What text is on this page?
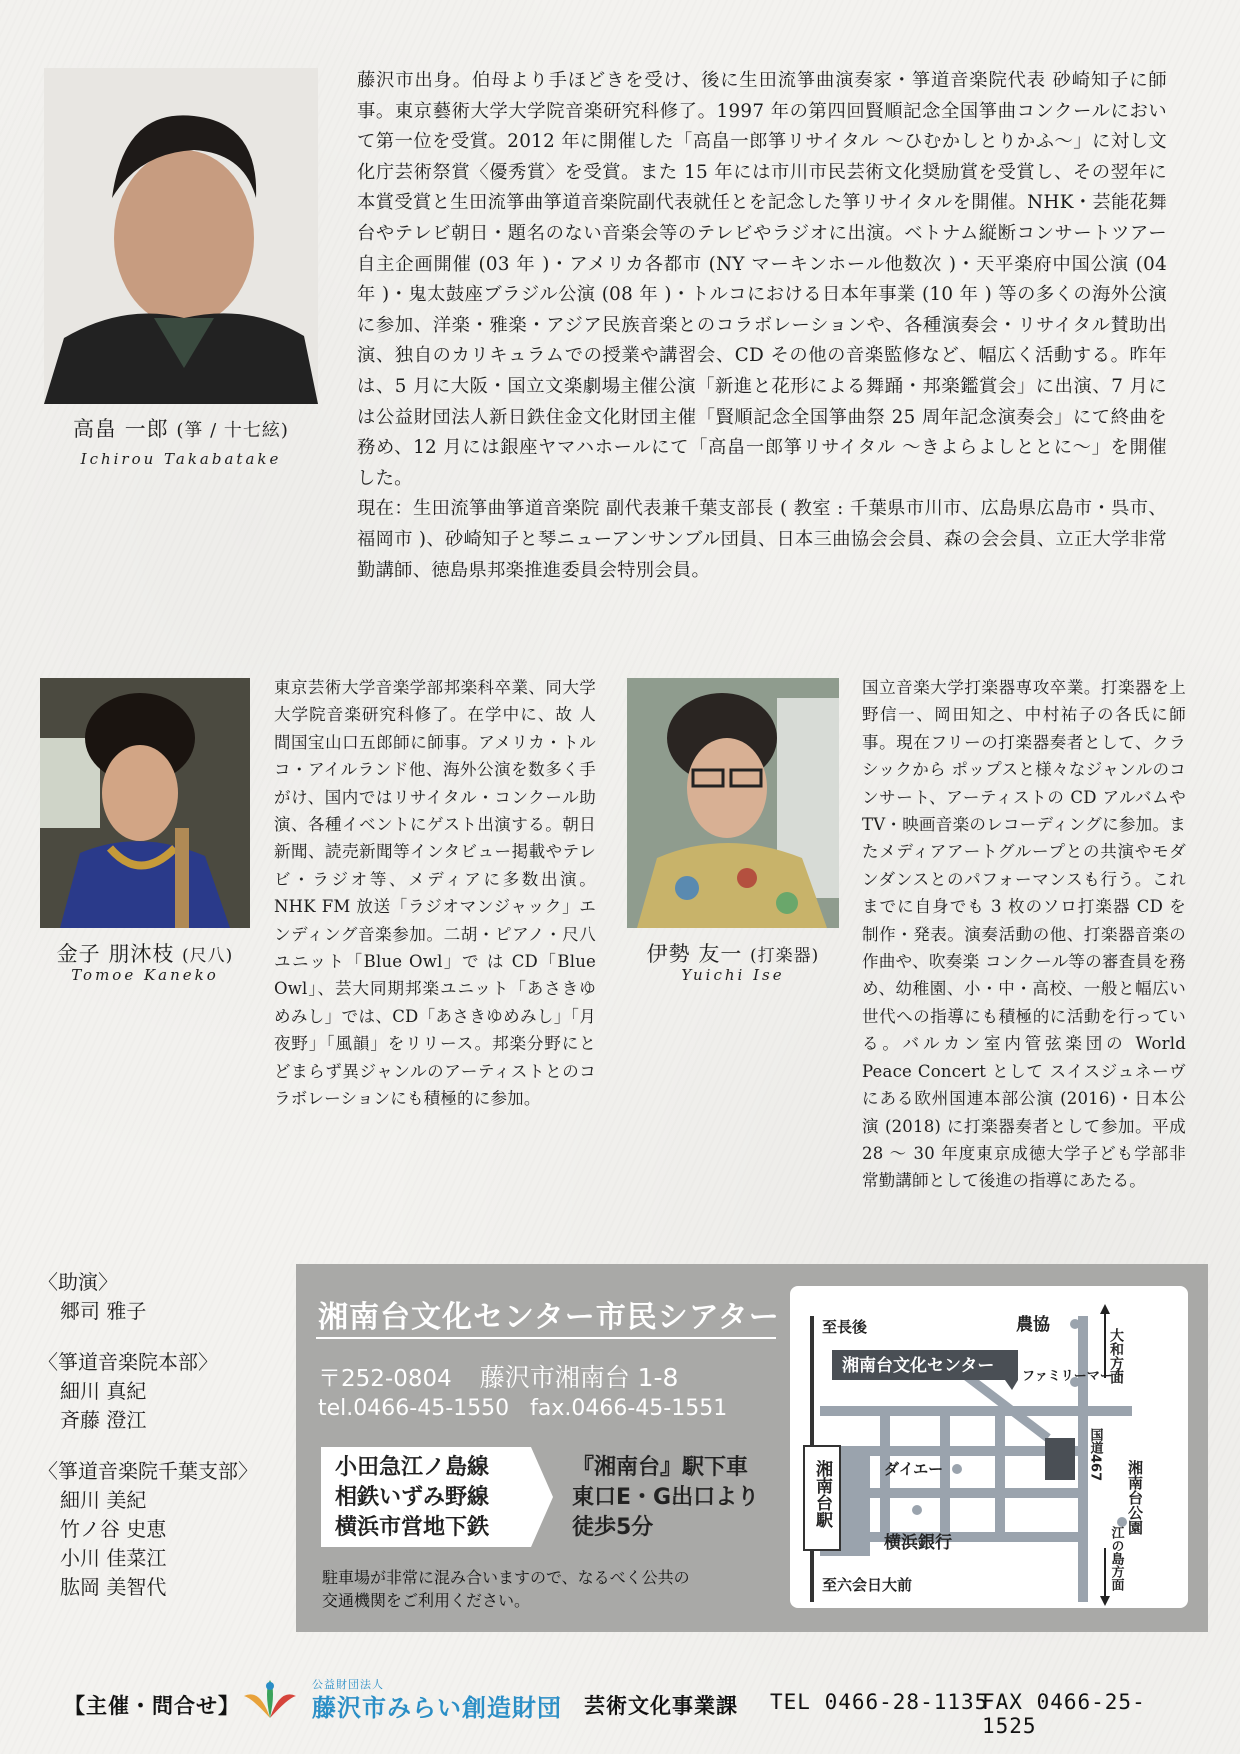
高畠 一郎 (箏 / 十七絃)
Ichirou Takabatake

藤沢市出身。伯母より手ほどきを受け、後に生田流箏曲演奏家・箏道音楽院代表 砂崎知子に師事。東京藝術大学大学院音楽研究科修了。1997 年の第四回賢順記念全国箏曲コンクールにおいて第一位を受賞。2012 年に開催した「高畠一郎箏リサイタル 〜ひむかしとりかふ〜」に対し文化庁芸術祭賞〈優秀賞〉を受賞。また 15 年には市川市民芸術文化奨励賞を受賞し、その翌年に本賞受賞と生田流箏曲箏道音楽院副代表就任とを記念した箏リサイタルを開催。NHK・芸能花舞台やテレビ朝日・題名のない音楽会等のテレビやラジオに出演。ベトナム縦断コンサートツアー自主企画開催 (03 年 )・アメリカ各都市 (NY マーキンホール他数次 )・天平楽府中国公演 (04 年 )・鬼太鼓座ブラジル公演 (08 年 )・トルコにおける日本年事業 (10 年 ) 等の多くの海外公演に参加、洋楽・雅楽・アジア民族音楽とのコラボレーションや、各種演奏会・リサイタル賛助出演、独自のカリキュラムでの授業や講習会、CD その他の音楽監修など、幅広く活動する。昨年は、5 月に大阪・国立文楽劇場主催公演「新進と花形による舞踊・邦楽鑑賞会」に出演、7 月には公益財団法人新日鉄住金文化財団主催「賢順記念全国箏曲祭 25 周年記念演奏会」にて終曲を務め、12 月には銀座ヤマハホールにて「高畠一郎箏リサイタル 〜きよらよしととに〜」を開催した。

現在：生田流箏曲箏道音楽院 副代表兼千葉支部長 ( 教室 : 千葉県市川市、広島県広島市・呉市、福岡市 )、砂崎知子と琴ニューアンサンブル団員、日本三曲協会会員、森の会会員、立正大学非常勤講師、徳島県邦楽推進委員会特別会員。

金子 朋沐枝 (尺八)
Tomoe Kaneko
東京芸術大学音楽学部邦楽科卒業、同大学大学院音楽研究科修了。在学中に、故 人間国宝山口五郎師に師事。アメリカ・トルコ・アイルランド他、海外公演を数多く手がけ、国内ではリサイタル・コンクール助演、各種イベントにゲスト出演する。朝日新聞、読売新聞等インタビュー掲載やテレビ・ラジオ等、メディアに多数出演。NHK FM 放送「ラジオマンジャック」エンディング音楽参加。二胡・ピアノ・尺八ユニット「Blue Owl」で は CD「Blue Owl」、芸大同期邦楽ユニット「あさきゆめみし」では、CD「あさきゆめみし」「月夜野」「風韻」をリリース。邦楽分野にとどまらず異ジャンルのアーティストとのコラボレーションにも積極的に参加。
伊勢 友一 (打楽器)
Yuichi Ise
国立音楽大学打楽器専攻卒業。打楽器を上野信一、岡田知之、中村祐子の各氏に師事。現在フリーの打楽器奏者として、クラシックから ポップスと様々なジャンルのコンサート、アーティストの CD アルバムや TV・映画音楽のレコーディングに参加。またメディアアートグループとの共演やモダンダンスとのパフォーマンスも行う。これまでに自身でも 3 枚のソロ打楽器 CD を制作・発表。演奏活動の他、打楽器音楽の作曲や、吹奏楽 コンクール等の審査員を務め、幼稚園、小・中・高校、一般と幅広い世代への指導にも積極的に活動を行っている。バルカン室内管弦楽団の World Peace Concert として スイスジュネーヴにある欧州国連本部公演 (2016)・日本公演 (2018) に打楽器奏者として参加。平成 28 〜 30 年度東京成徳大学子ども学部非常勤講師として後進の指導にあたる。
〈助演〉
郷司 雅子
〈箏道音楽院本部〉
細川 真紀
斉藤 澄江
〈箏道音楽院千葉支部〉
細川 美紀
竹ノ谷 史恵
小川 佳菜江
肱岡 美智代
湘南台文化センター市民シアター
〒252-0804 藤沢市湘南台 1-8
tel.0466-45-1550 fax.0466-45-1551
小田急江ノ島線
相鉄いずみ野線
横浜市営地下鉄
『湘南台』駅下車
東口E・G出口より
徒歩5分
駐車場が非常に混み合いますので、なるべく公共の
交通機関をご利用ください。
至長後	農協
湘南台文化センター
ファミリーマート
ダイエー
横浜銀行
至六会日大前
大和方面
国道467
湘南台公園
江の島方面
湘南台駅
【主催・問合せ】
公益財団法人
藤沢市みらい創造財団 芸術文化事業課 TEL 0466-28-1135
FAX 0466-25-1525
